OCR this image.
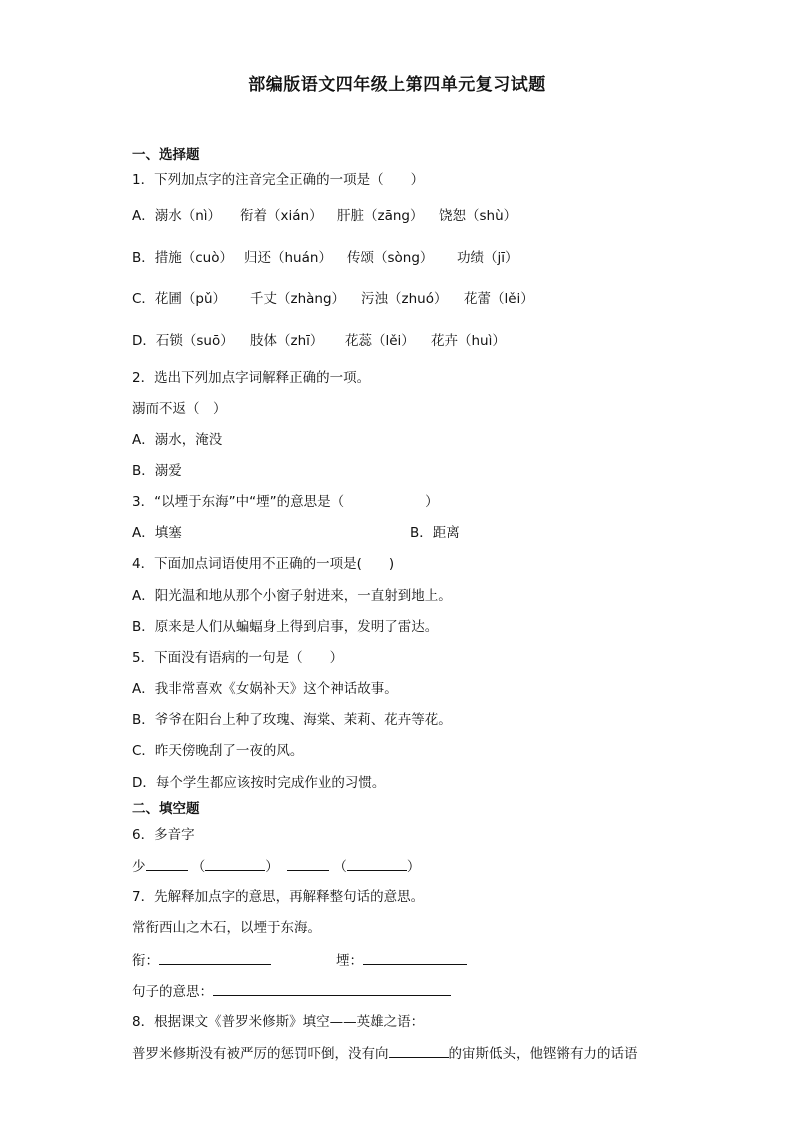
部编版语文四年级上第四单元复习试题
一、选择题
1．下列加点字的注音完全正确的一项是（　　）
A．溺水（nì） 衔着（xián） 肝脏（zāng） 饶恕（shù）
B．措施（cuò） 归还（huán） 传颂（sòng） 功绩（jī）
C．花圃（pǔ） 千丈（zhàng） 污浊（zhuó） 花蕾（lěi）
D．石锁（suō） 肢体（zhī） 花蕊（lěi） 花卉（huì）
2．选出下列加点字词解释正确的一项。
溺而不返（　）
A．溺水，淹没
B．溺爱
3．“以堙于东海”中“堙”的意思是（　　　　　　）
A．填塞	B．距离
4．下面加点词语使用不正确的一项是(　　)
A．阳光温和地从那个小窗子射进来，一直射到地上。
B．原来是人们从蝙蝠身上得到启事，发明了雷达。
5．下面没有语病的一句是（　　）
A．我非常喜欢《女娲补天》这个神话故事。
B．爷爷在阳台上种了玫瑰、海棠、茉莉、花卉等花。
C．昨天傍晚刮了一夜的风。
D．每个学生都应该按时完成作业的习惯。
二、填空题
6．多音字
少	（	）	（	）
7．先解释加点字的意思，再解释整句话的意思。
常衔西山之木石，以堙于东海。
衔：	堙：
句子的意思：
8．根据课文《普罗米修斯》填空——英雄之语：
普罗米修斯没有被严厉的惩罚吓倒，没有向	的宙斯低头，他铿锵有力的话语
